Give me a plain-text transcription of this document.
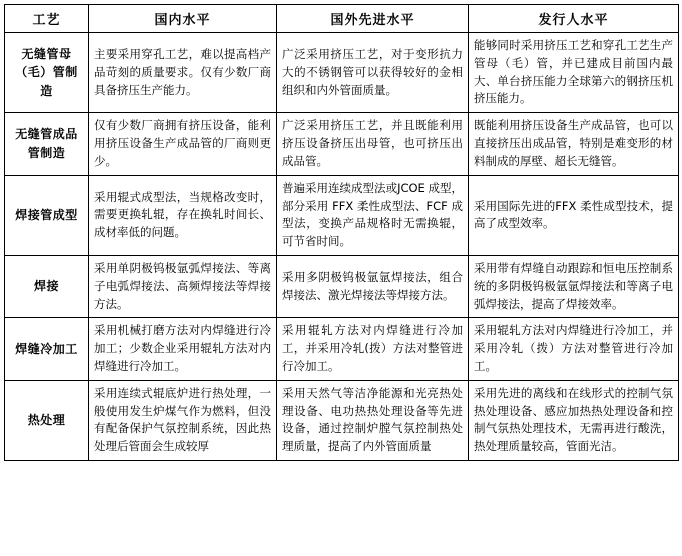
工艺	国内水平	国外先进水平	发行人水平
无缝管母（毛）管制造	主要采用穿孔工艺，难以提高档产品苛刻的质量要求。仅有少数厂商具备挤压生产能力。	广泛采用挤压工艺，对于变形抗力大的不锈钢管可以获得较好的金相组织和内外管面质量。	能够同时采用挤压工艺和穿孔工艺生产管母（毛）管，并已建成目前国内最大、单台挤压能力全球第六的钢挤压机挤压能力。
无缝管成品管制造	仅有少数厂商拥有挤压设备，能利用挤压设备生产成品管的厂商则更少。	广泛采用挤压工艺，并且既能利用挤压设备挤压出母管，也可挤压出成品管。	既能利用挤压设备生产成品管，也可以直接挤压出成品管，特别是难变形的材料制成的厚壁、超长无缝管。
焊接管成型	采用辊式成型法，当规格改变时，需要更换轧辊，存在换轧时间长、成材率低的问题。	普遍采用连续成型法或JCOE 成型，部分采用 FFX 柔性成型法、FCF 成型法，变换产品规格时无需换辊，可节省时间。	采用国际先进的FFX 柔性成型技术，提高了成型效率。
焊接	采用单阴极钨极氩弧焊接法、等离子电弧焊接法、高频焊接法等焊接方法。	采用多阴极钨极氩氩焊接法，组合焊接法、激光焊接法等焊接方法。	采用带有焊缝自动跟踪和恒电压控制系统的多阴极钨极氩氩焊接法和等离子电弧焊接法，提高了焊接效率。
焊缝冷加工	采用机械打磨方法对内焊缝进行冷加工；少数企业采用辊轧方法对内焊缝进行冷加工。	采用辊轧方法对内焊缝进行冷加工，并采用冷轧(拨）方法对整管进行冷加工。	采用辊轧方法对内焊缝进行冷加工，并采用冷轧（拨）方法对整管进行冷加工。
热处理	采用连续式辊底炉进行热处理，一般使用发生炉煤气作为燃料，但没有配备保护气氛控制系统，因此热处理后管面会生成较厚	采用天然气等洁净能源和光亮热处理设备、电功热热处理设备等先进设备，通过控制炉膛气氛控制热处理质量，提高了内外管面质量	采用先进的离线和在线形式的控制气氛热处理设备、感应加热热处理设备和控制气氛热处理技术，无需再进行酸洗，热处理质量较高，管面光洁。
